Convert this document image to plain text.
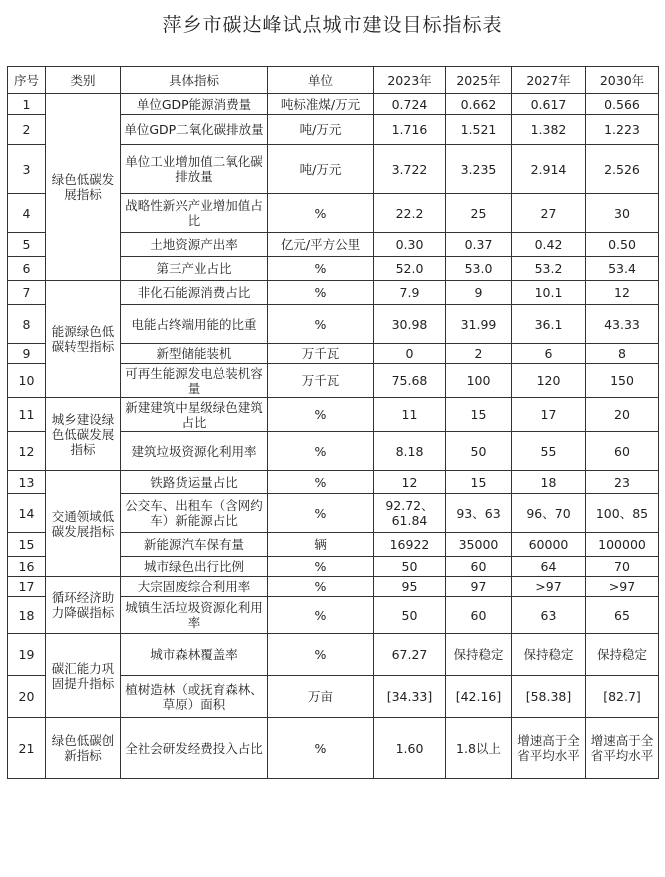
萍乡市碳达峰试点城市建设目标指标表
序号	类别	具体指标	单位	2023年	2025年	2027年	2030年
1	绿色低碳发展指标	单位GDP能源消费量	吨标准煤/万元	0.724	0.662	0.617	0.566
2		单位GDP二氧化碳排放量	吨/万元	1.716	1.521	1.382	1.223
3		单位工业增加值二氧化碳排放量	吨/万元	3.722	3.235	2.914	2.526
4		战略性新兴产业增加值占比	%	22.2	25	27	30
5		土地资源产出率	亿元/平方公里	0.30	0.37	0.42	0.50
6		第三产业占比	%	52.0	53.0	53.2	53.4
7	能源绿色低碳转型指标	非化石能源消费占比	%	7.9	9	10.1	12
8		电能占终端用能的比重	%	30.98	31.99	36.1	43.33
9		新型储能装机	万千瓦	0	2	6	8
10		可再生能源发电总装机容量	万千瓦	75.68	100	120	150
11	城乡建设绿色低碳发展指标	新建建筑中星级绿色建筑占比	%	11	15	17	20
12		建筑垃圾资源化利用率	%	8.18	50	55	60
13	交通领域低碳发展指标	铁路货运量占比	%	12	15	18	23
14		公交车、出租车（含网约车）新能源占比	%	92.72、61.84	93、63	96、70	100、85
15		新能源汽车保有量	辆	16922	35000	60000	100000
16		城市绿色出行比例	%	50	60	64	70
17	循环经济助力降碳指标	大宗固废综合利用率	%	95	97	>97	>97
18		城镇生活垃圾资源化利用率	%	50	60	63	65
19	碳汇能力巩固提升指标	城市森林覆盖率	%	67.27	保持稳定	保持稳定	保持稳定
20		植树造林（或抚育森林、草原）面积	万亩	[34.33]	[42.16]	[58.38]	[82.7]
21	绿色低碳创新指标	全社会研发经费投入占比	%	1.60	1.8以上	增速高于全省平均水平	增速高于全省平均水平
